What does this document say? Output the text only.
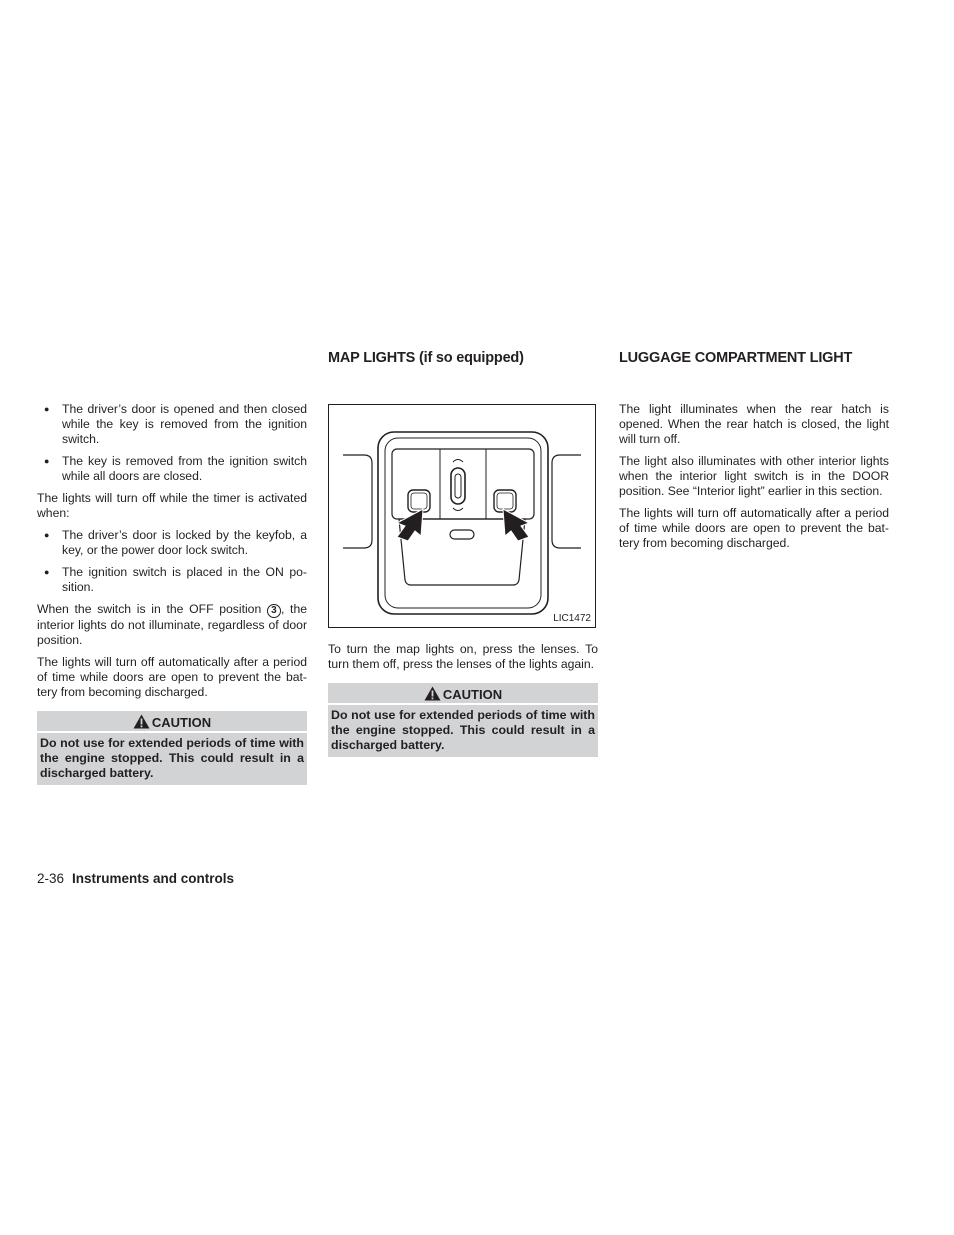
● The driver’s door is opened and then closed while the key is removed from the ignition switch.
● The key is removed from the ignition switch while all doors are closed.

The lights will turn off while the timer is activated when:

● The driver’s door is locked by the keyfob, a key, or the power door lock switch.
● The ignition switch is placed in the ON po-sition.

When the switch is in the OFF position 3 , the interior lights do not illuminate, regardless of door position.

The lights will turn off automatically after a period of time while doors are open to prevent the bat-tery from becoming discharged.

CAUTION
Do not use for extended periods of time with the engine stopped. This could result in a discharged battery.
MAP LIGHTS (if so equipped)
LIC1472

To turn the map lights on, press the lenses. To turn them off, press the lenses of the lights again.

CAUTION
Do not use for extended periods of time with the engine stopped. This could result in a discharged battery.
LUGGAGE COMPARTMENT LIGHT

The light illuminates when the rear hatch is opened. When the rear hatch is closed, the light will turn off.

The light also illuminates with other interior lights when the interior light switch is in the DOOR position. See “Interior light” earlier in this section.

The lights will turn off automatically after a period of time while doors are open to prevent the bat-tery from becoming discharged.

2-36 Instruments and controls
